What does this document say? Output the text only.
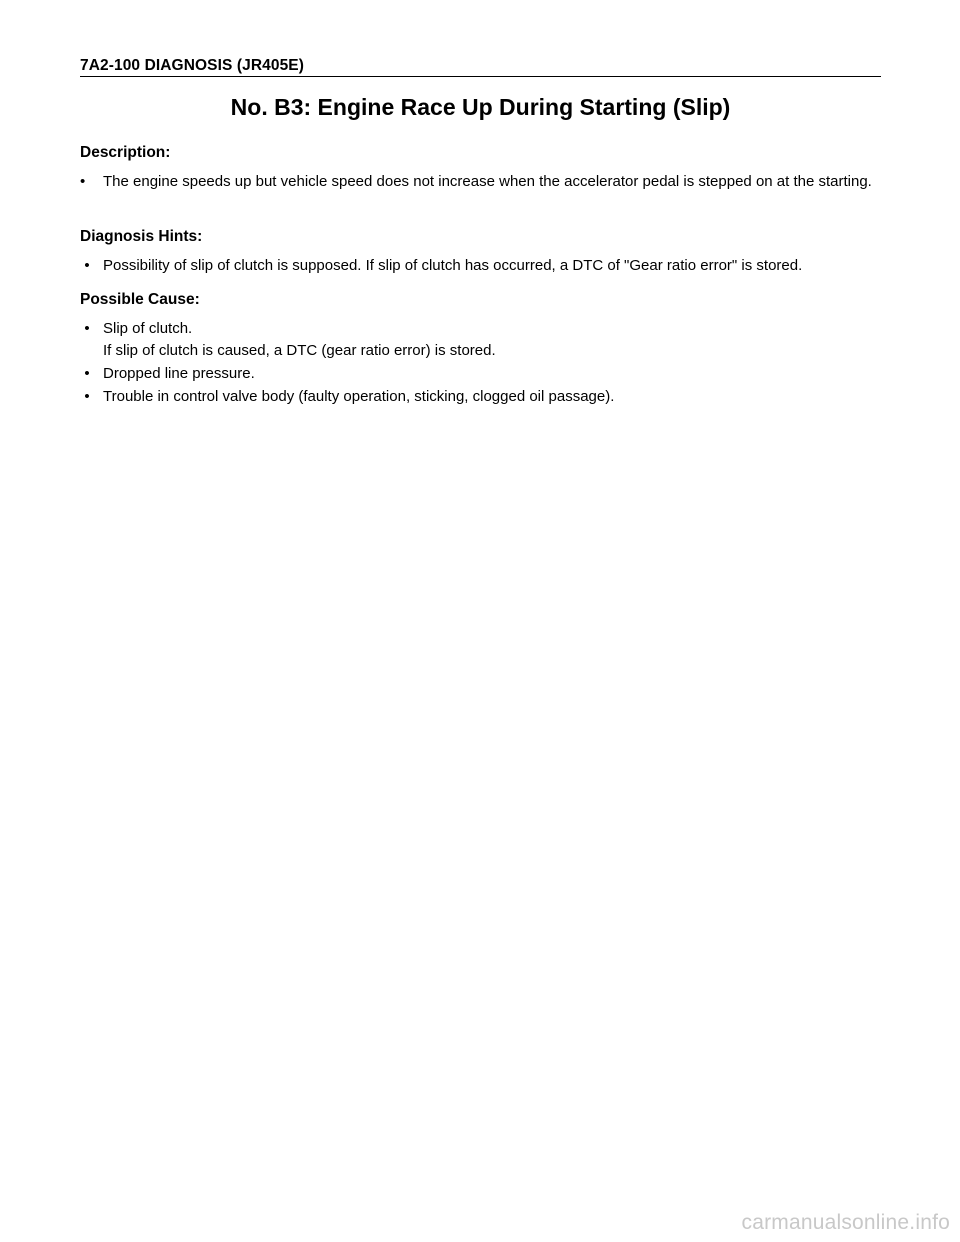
7A2-100 DIAGNOSIS (JR405E)
No. B3: Engine Race Up During Starting (Slip)
Description:
•	The engine speeds up but vehicle speed does not increase when the accelerator pedal is stepped on at the starting.
Diagnosis Hints:
• Possibility of slip of clutch is supposed. If slip of clutch has occurred, a DTC of "Gear ratio error" is stored.
Possible Cause:
• Slip of clutch.
If slip of clutch is caused, a DTC (gear ratio error) is stored.
• Dropped line pressure.
• Trouble in control valve body (faulty operation, sticking, clogged oil passage).
carmanualsonline.info
